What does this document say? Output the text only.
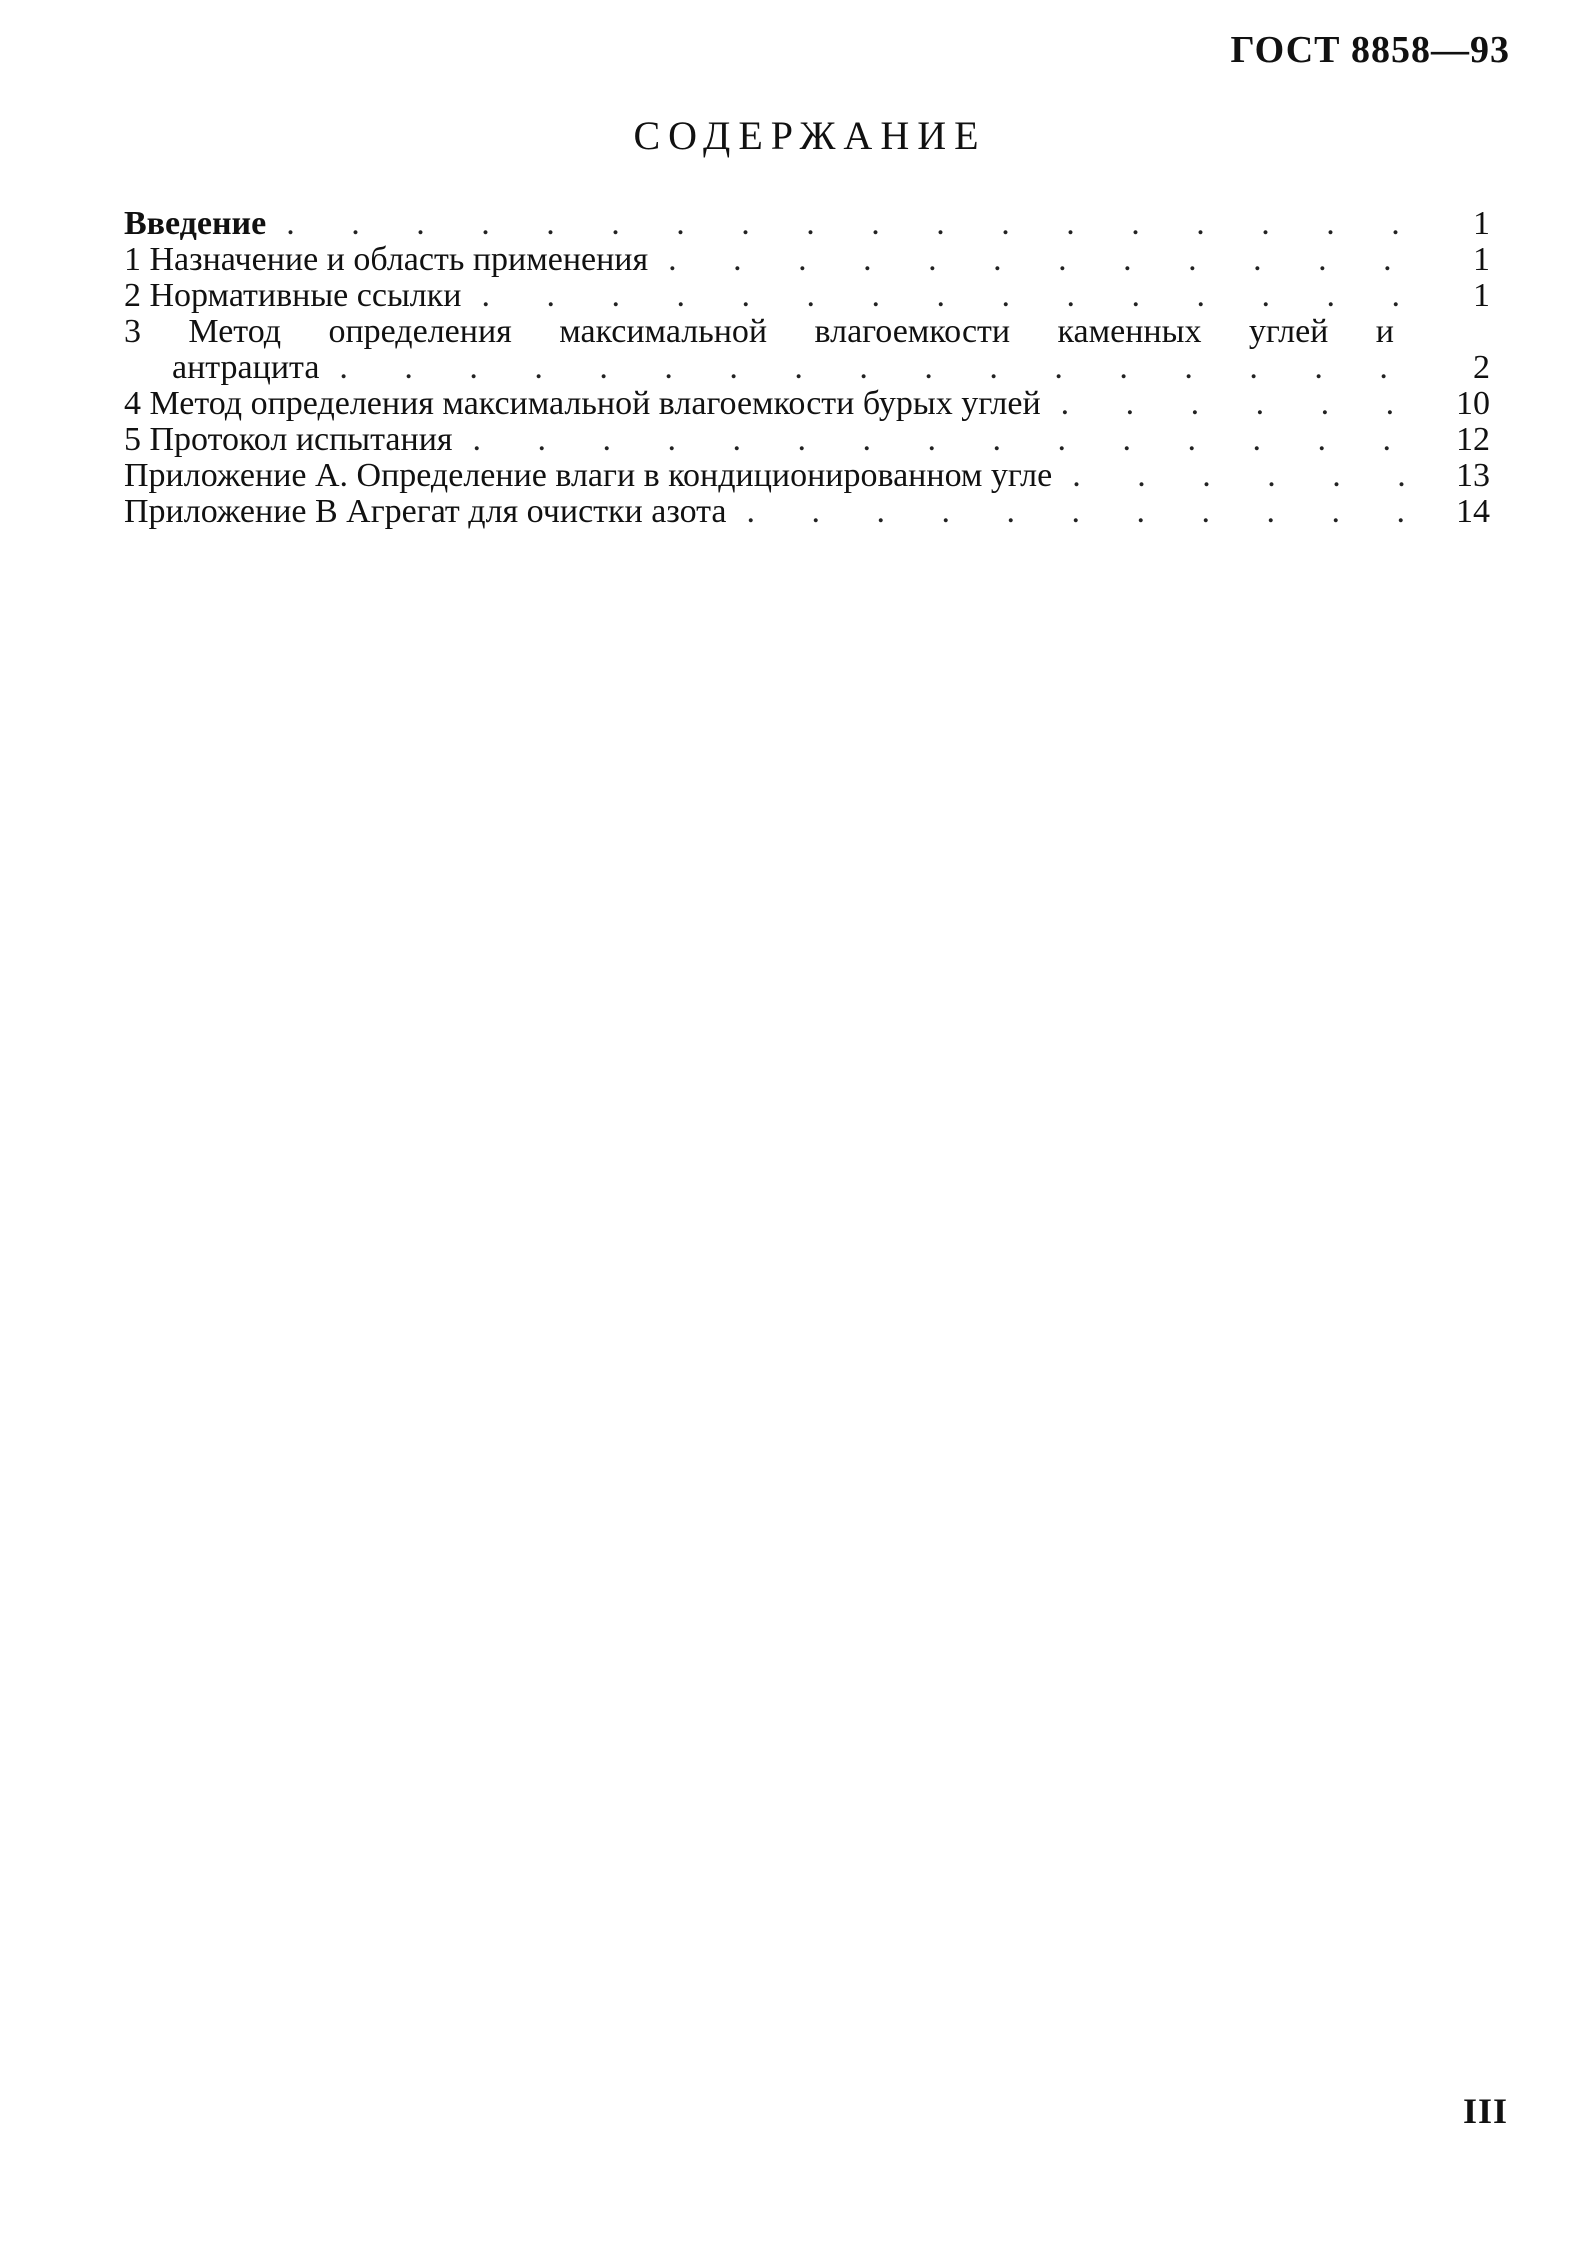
ГОСТ 8858—93
СОДЕРЖАНИЕ
Введение . . .	1
1 Назначение и область применения . . .	1
2 Нормативные ссылки . . .	1
3 Метод определения максимальной влагоемкости каменных углей и
антрацита . . .	2
4 Метод определения максимальной влагоемкости бурых углей . . .	10
5 Протокол испытания . . .	12
Приложение А. Определение влаги в кондиционированном угле . . .	13
Приложение В Агрегат для очистки азота . . .	14
III
